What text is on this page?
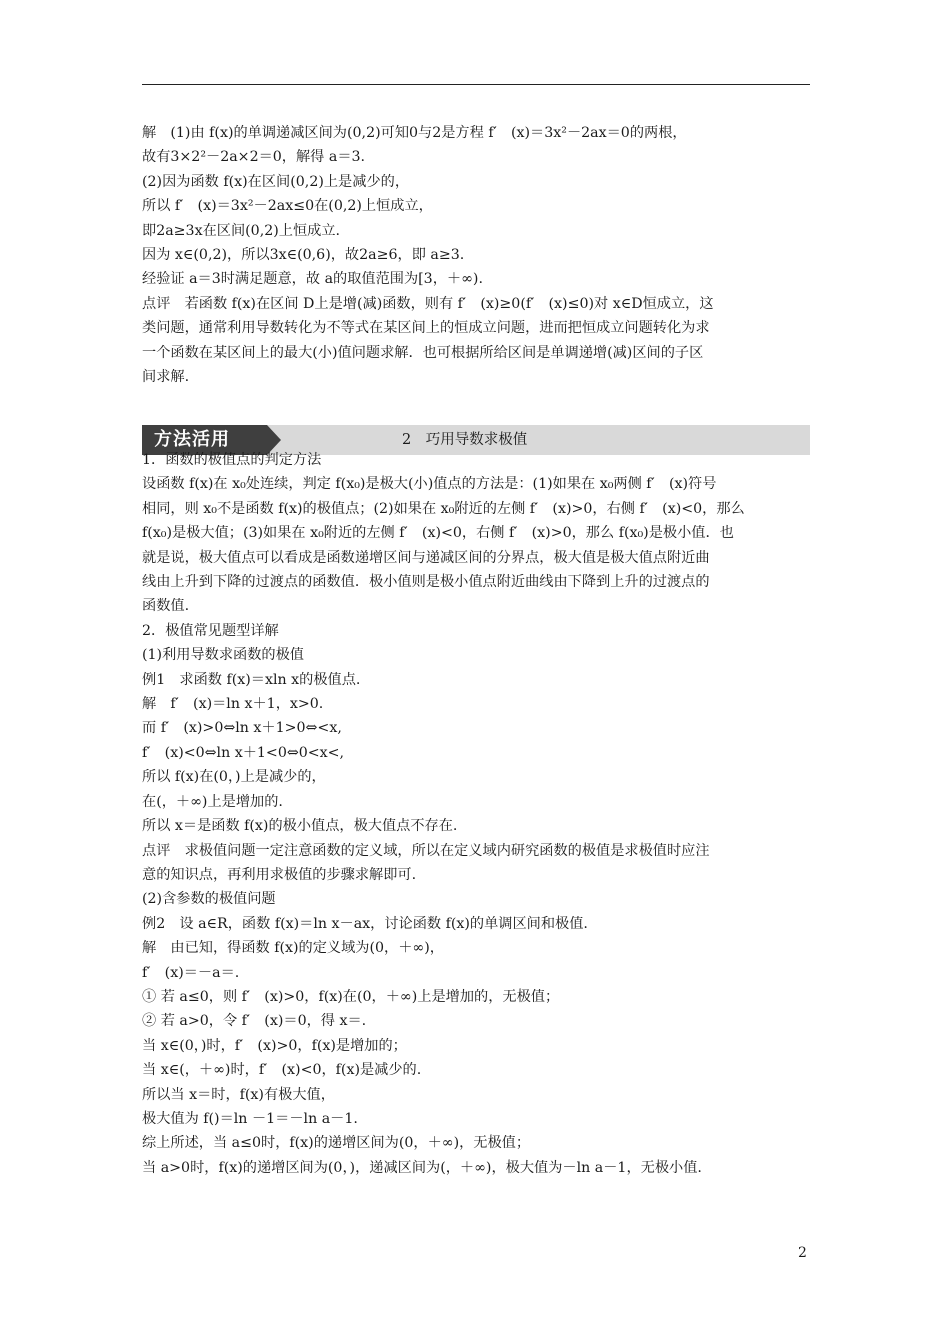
解　(1)由 f(x)的单调递减区间为(0,2)可知0与2是方程 f′　(x)＝3x²－2ax＝0的两根，

故有3×2²－2a×2＝0，解得 a＝3.

(2)因为函数 f(x)在区间(0,2)上是减少的，

所以 f′　(x)＝3x²－2ax≤0在(0,2)上恒成立，

即2a≥3x在区间(0,2)上恒成立.

因为 x∈(0,2)，所以3x∈(0,6)，故2a≥6，即 a≥3.

经验证 a＝3时满足题意，故 a的取值范围为[3，＋∞).

点评　若函数 f(x)在区间 D上是增(减)函数，则有 f′　(x)≥0(f′　(x)≤0)对 x∈D恒成立，这

类问题，通常利用导数转化为不等式在某区间上的恒成立问题，进而把恒成立问题转化为求

一个函数在某区间上的最大(小)值问题求解．也可根据所给区间是单调递增(减)区间的子区

间求解.

方法活用	2　巧用导数求极值

1．函数的极值点的判定方法

设函数 f(x)在 x₀处连续，判定 f(x₀)是极大(小)值点的方法是：(1)如果在 x₀两侧 f′　(x)符号

相同，则 x₀不是函数 f(x)的极值点；(2)如果在 x₀附近的左侧 f′　(x)>0，右侧 f′　(x)<0，那么

f(x₀)是极大值；(3)如果在 x₀附近的左侧 f′　(x)<0，右侧 f′　(x)>0，那么 f(x₀)是极小值．也

就是说，极大值点可以看成是函数递增区间与递减区间的分界点，极大值是极大值点附近曲

线由上升到下降的过渡点的函数值．极小值则是极小值点附近曲线由下降到上升的过渡点的

函数值.

2．极值常见题型详解

(1)利用导数求函数的极值

例1　求函数 f(x)＝xln x的极值点.

解　f′　(x)＝ln x＋1，x>0.

而 f′　(x)>0⇔ln x＋1>0⇔<x,

f′　(x)<0⇔ln x＋1<0⇔0<x<,

所以 f(x)在(0，)上是减少的，

在(，＋∞)上是增加的.

所以 x＝是函数 f(x)的极小值点，极大值点不存在.

点评　求极值问题一定注意函数的定义域，所以在定义域内研究函数的极值是求极值时应注

意的知识点，再利用求极值的步骤求解即可.

(2)含参数的极值问题

例2　设 a∈R，函数 f(x)＝ln x－ax，讨论函数 f(x)的单调区间和极值.

解　由已知，得函数 f(x)的定义域为(0，＋∞)，

f′　(x)＝－a＝.

① 若 a≤0，则 f′　(x)>0，f(x)在(0，＋∞)上是增加的，无极值；

② 若 a>0，令 f′　(x)＝0，得 x＝.

当 x∈(0，)时，f′　(x)>0，f(x)是增加的；

当 x∈(，＋∞)时，f′　(x)<0，f(x)是减少的.

所以当 x＝时，f(x)有极大值，

极大值为 f()＝ln －1＝－ln a－1.

综上所述，当 a≤0时，f(x)的递增区间为(0，＋∞)，无极值；

当 a>0时，f(x)的递增区间为(0，)，递减区间为(，＋∞)，极大值为－ln a－1，无极小值.

2
